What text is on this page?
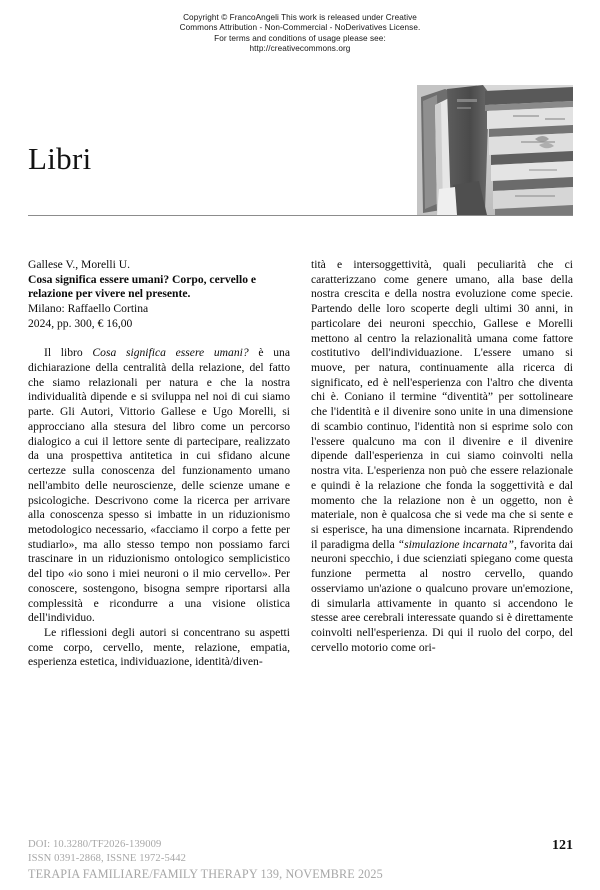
Copyright © FrancoAngeli This work is released under Creative
Commons Attribution - Non-Commercial - NoDerivatives License.
For terms and conditions of usage please see:
http://creativecommons.org
Libri
Gallese V., Morelli U.
Cosa significa essere umani? Corpo, cervello e relazione per vivere nel presente.
Milano: Raffaello Cortina
2024, pp. 300, € 16,00

Il libro Cosa significa essere umani? è una dichiarazione della centralità della relazione, del fatto che siamo relazionali per natura e che la nostra individualità dipende e si sviluppa nel noi di cui siamo parte. Gli Autori, Vittorio Gallese e Ugo Morelli, si approcciano alla stesura del libro come un percorso dialogico a cui il lettore sente di partecipare, realizzato da una prospettiva antitetica in cui sfidano alcune certezze sulla conoscenza del funzionamento umano nell'ambito delle neuroscienze, delle scienze umane e psicologiche. Descrivono come la ricerca per arrivare alla conoscenza spesso si imbatte in un riduzionismo metodologico necessario, «facciamo il corpo a fette per studiarlo», ma allo stesso tempo non possiamo farci trascinare in un riduzionismo ontologico semplicistico del tipo «io sono i miei neuroni o il mio cervello». Per conoscere, sostengono, bisogna sempre riportarsi alla complessità e ricondurre a una visione olistica dell'individuo.

Le riflessioni degli autori si concentrano su aspetti come corpo, cervello, mente, relazione, empatia, esperienza estetica, individuazione, identità/diven-

tità e intersoggettività, quali peculiarità che ci caratterizzano come genere umano, alla base della nostra crescita e della nostra evoluzione come specie. Partendo delle loro scoperte degli ultimi 30 anni, in particolare dei neuroni specchio, Gallese e Morelli mettono al centro la relazionalità umana come fattore costitutivo dell'individuazione. L'essere umano si muove, per natura, continuamente alla ricerca di significato, ed è nell'esperienza con l'altro che diventa chi è. Coniano il termine “diventità” per sottolineare che l'identità e il divenire sono unite in una dimensione di scambio continuo, l'identità non si esprime solo con l'essere qualcuno ma con il divenire e il divenire dipende dall'esperienza in cui siamo coinvolti nella nostra vita. L'esperienza non può che essere relazionale e quindi è la relazione che fonda la soggettività e dal momento che la relazione non è un oggetto, non è materiale, non è qualcosa che si vede ma che si sente e si esperisce, ha una dimensione incarnata. Riprendendo il paradigma della “simulazione incarnata”, favorita dai neuroni specchio, i due scienziati spiegano come questa funzione permetta al nostro cervello, quando osserviamo un'azione o qualcuno provare un'emozione, di simularla attivamente in quanto si accendono le stesse aree cerebrali interessate quando si è direttamente coinvolti nell'esperienza. Di qui il ruolo del corpo, del cervello motorio come ori-

DOI: 10.3280/TF2026-139009
ISSN 0391-2868, ISSNE 1972-5442
TERAPIA FAMILIARE/FAMILY THERAPY 139, NOVEMBRE 2025
121
